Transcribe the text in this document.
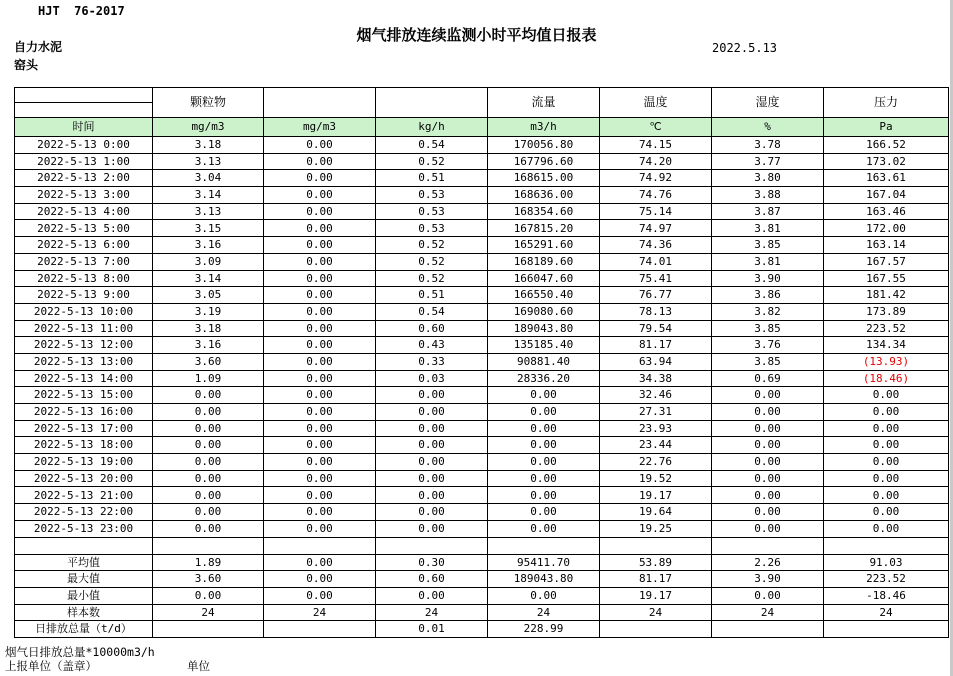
HJT  76-2017
烟气排放连续监测小时平均值日报表
2022.5.13
自力水泥
窑头
	颗粒物			流量	温度	湿度	压力

时间	mg/m3	mg/m3	kg/h	m3/h	℃	%	Pa
2022-5-13 0:00	3.18	0.00	0.54	170056.80	74.15	3.78	166.52
2022-5-13 1:00	3.13	0.00	0.52	167796.60	74.20	3.77	173.02
2022-5-13 2:00	3.04	0.00	0.51	168615.00	74.92	3.80	163.61
2022-5-13 3:00	3.14	0.00	0.53	168636.00	74.76	3.88	167.04
2022-5-13 4:00	3.13	0.00	0.53	168354.60	75.14	3.87	163.46
2022-5-13 5:00	3.15	0.00	0.53	167815.20	74.97	3.81	172.00
2022-5-13 6:00	3.16	0.00	0.52	165291.60	74.36	3.85	163.14
2022-5-13 7:00	3.09	0.00	0.52	168189.60	74.01	3.81	167.57
2022-5-13 8:00	3.14	0.00	0.52	166047.60	75.41	3.90	167.55
2022-5-13 9:00	3.05	0.00	0.51	166550.40	76.77	3.86	181.42
2022-5-13 10:00	3.19	0.00	0.54	169080.60	78.13	3.82	173.89
2022-5-13 11:00	3.18	0.00	0.60	189043.80	79.54	3.85	223.52
2022-5-13 12:00	3.16	0.00	0.43	135185.40	81.17	3.76	134.34
2022-5-13 13:00	3.60	0.00	0.33	90881.40	63.94	3.85	(13.93)
2022-5-13 14:00	1.09	0.00	0.03	28336.20	34.38	0.69	(18.46)
2022-5-13 15:00	0.00	0.00	0.00	0.00	32.46	0.00	0.00
2022-5-13 16:00	0.00	0.00	0.00	0.00	27.31	0.00	0.00
2022-5-13 17:00	0.00	0.00	0.00	0.00	23.93	0.00	0.00
2022-5-13 18:00	0.00	0.00	0.00	0.00	23.44	0.00	0.00
2022-5-13 19:00	0.00	0.00	0.00	0.00	22.76	0.00	0.00
2022-5-13 20:00	0.00	0.00	0.00	0.00	19.52	0.00	0.00
2022-5-13 21:00	0.00	0.00	0.00	0.00	19.17	0.00	0.00
2022-5-13 22:00	0.00	0.00	0.00	0.00	19.64	0.00	0.00
2022-5-13 23:00	0.00	0.00	0.00	0.00	19.25	0.00	0.00

平均值	1.89	0.00	0.30	95411.70	53.89	2.26	91.03
最大值	3.60	0.00	0.60	189043.80	81.17	3.90	223.52
最小值	0.00	0.00	0.00	0.00	19.17	0.00	-18.46
样本数	24	24	24	24	24	24	24
日排放总量（t/d）			0.01	228.99			
烟气日排放总量*10000m3/h
上报单位（盖章）	单位
